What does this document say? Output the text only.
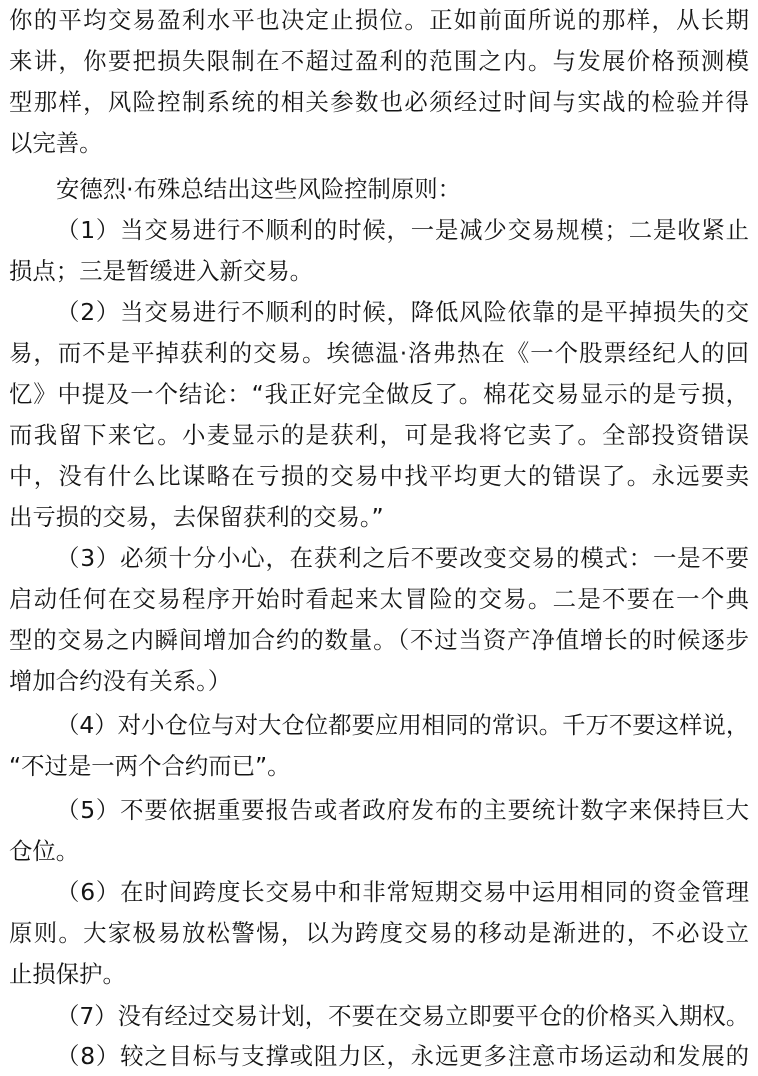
你的平均交易盈利水平也决定止损位。正如前面所说的那样，从长期
来讲，你要把损失限制在不超过盈利的范围之内。与发展价格预测模
型那样，风险控制系统的相关参数也必须经过时间与实战的检验并得
以完善。
安德烈·布殊总结出这些风险控制原则：
（1）当交易进行不顺利的时候，一是减少交易规模；二是收紧止
损点；三是暂缓进入新交易。
（2）当交易进行不顺利的时候，降低风险依靠的是平掉损失的交
易，而不是平掉获利的交易。埃德温·洛弗热在《一个股票经纪人的回
忆》中提及一个结论：“我正好完全做反了。棉花交易显示的是亏损，
而我留下来它。小麦显示的是获利，可是我将它卖了。全部投资错误
中，没有什么比谋略在亏损的交易中找平均更大的错误了。永远要卖
出亏损的交易，去保留获利的交易。”
（3）必须十分小心，在获利之后不要改变交易的模式：一是不要
启动任何在交易程序开始时看起来太冒险的交易。二是不要在一个典
型的交易之内瞬间增加合约的数量。（不过当资产净值增长的时候逐步
增加合约没有关系。）
（4）对小仓位与对大仓位都要应用相同的常识。千万不要这样说，
“不过是一两个合约而已”。
（5）不要依据重要报告或者政府发布的主要统计数字来保持巨大
仓位。
（6）在时间跨度长交易中和非常短期交易中运用相同的资金管理
原则。大家极易放松警惕，以为跨度交易的移动是渐进的，不必设立
止损保护。
（7）没有经过交易计划，不要在交易立即要平仓的价格买入期权。
（8）较之目标与支撑或阻力区，永远更多注意市场运动和发展的
